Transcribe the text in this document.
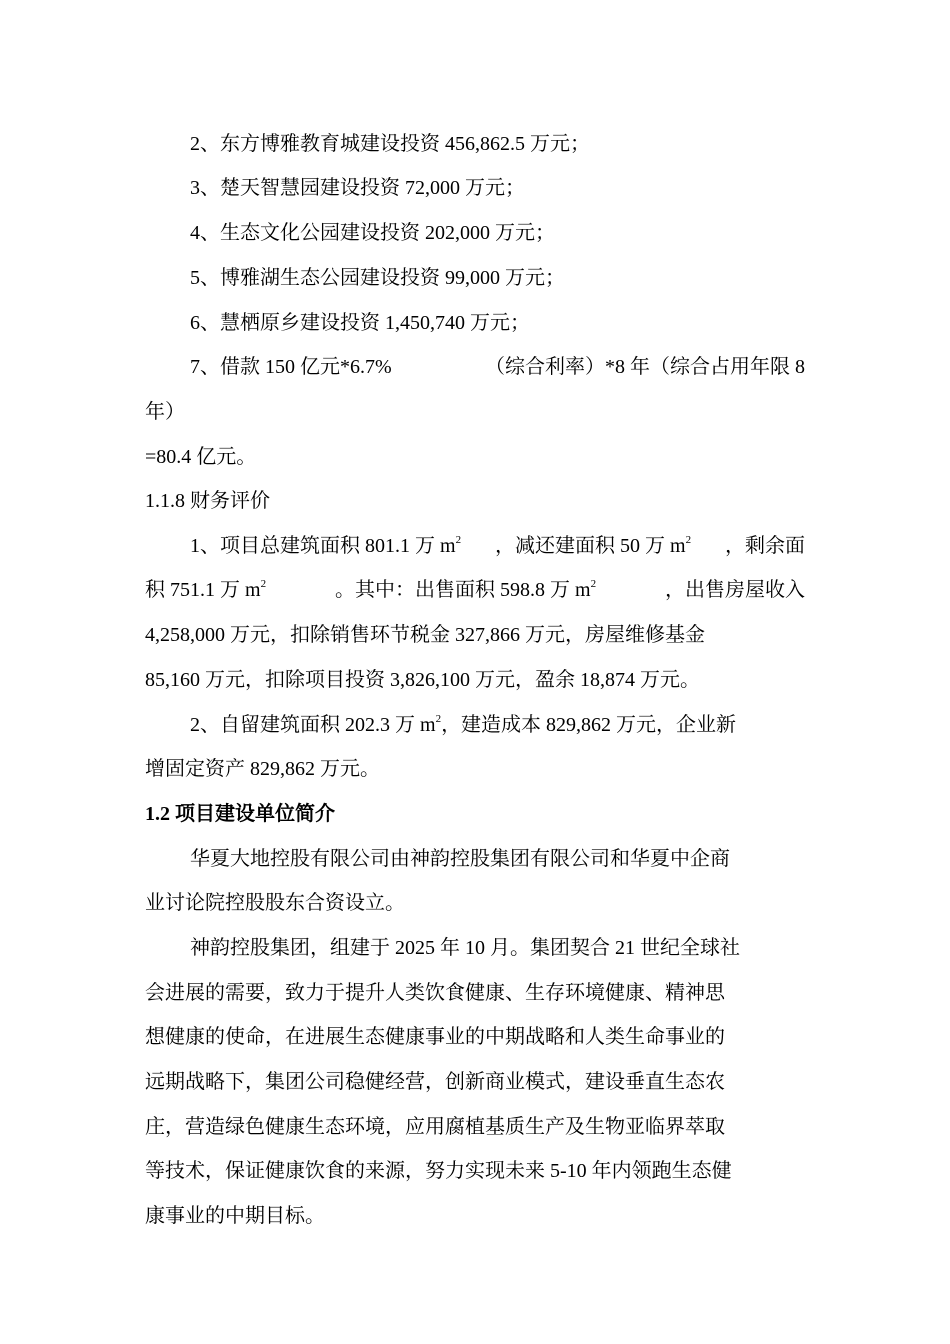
2、东方博雅教育城建设投资 456,862.5 万元；
3、楚天智慧园建设投资 72,000 万元；
4、生态文化公园建设投资 202,000 万元；
5、博雅湖生态公园建设投资 99,000 万元；
6、慧栖原乡建设投资 1,450,740 万元；
7、借款 150 亿元*6.7%	（综合利率）*8 年（综合占用年限 8
年）
=80.4 亿元。
1.1.8 财务评价
1、项目总建筑面积 801.1 万 $m^2$ ，减还建面积 50 万 $m^2$ ，剩余面
积 751.1 万 $m^2$	。其中：出售面积 598.8 万 $m^2$	，出售房屋收入
4,258,000 万元，扣除销售环节税金 327,866 万元，房屋维修基金
85,160 万元，扣除项目投资 3,826,100 万元，盈余 18,874 万元。
2、自留建筑面积 202.3 万 $m^2$，建造成本 829,862 万元，企业新
增固定资产 829,862 万元。
1.2 项目建设单位简介
华夏大地控股有限公司由神韵控股集团有限公司和华夏中企商
业讨论院控股股东合资设立。
神韵控股集团，组建于 2025 年 10 月。集团契合 21 世纪全球社
会进展的需要，致力于提升人类饮食健康、生存环境健康、精神思
想健康的使命，在进展生态健康事业的中期战略和人类生命事业的
远期战略下，集团公司稳健经营，创新商业模式，建设垂直生态农
庄，营造绿色健康生态环境，应用腐植基质生产及生物亚临界萃取
等技术，保证健康饮食的来源，努力实现未来 5-10 年内领跑生态健
康事业的中期目标。
